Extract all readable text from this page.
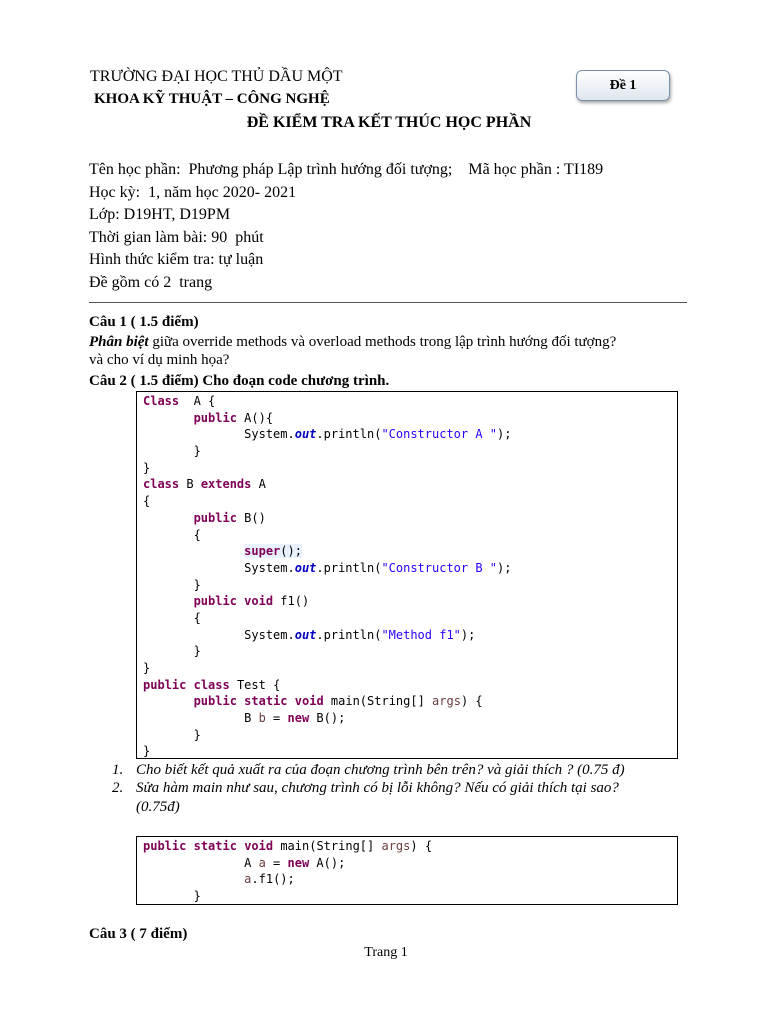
TRƯỜNG ĐẠI HỌC THỦ DẦU MỘT
KHOA KỸ THUẬT – CÔNG NGHỆ
ĐỀ KIỂM TRA KẾT THÚC HỌC PHẦN
Đề 1
Tên học phần:  Phương pháp Lập trình hướng đối tượng;    Mã học phần : TI189
Học kỳ:  1, năm học 2020- 2021
Lớp: D19HT, D19PM
Thời gian làm bài: 90  phút
Hình thức kiểm tra: tự luận
Đề gồm có 2  trang
Câu 1 ( 1.5 điểm)
Phân biệt giữa override methods và overload methods trong lập trình hướng đối tượng?
và cho ví dụ minh họa?
Câu 2 ( 1.5 điểm) Cho đoạn code chương trình.
Class  A {
public A(){
System.out.println("Constructor A ");
}
}
class B extends A
{
public B()
{
super();
System.out.println("Constructor B ");
}
public void f1()
{
System.out.println("Method f1");
}
}
public class Test {
public static void main(String[] args) {
B b = new B();
}
}
1. Cho biết kết quả xuất ra của đoạn chương trình bên trên? và giải thích ? (0.75 đ)
2. Sửa hàm main như sau, chương trình có bị lỗi không? Nếu có giải thích tại sao?
(0.75đ)
public static void main(String[] args) {
A a = new A();
a.f1();
}
Câu 3 ( 7 điểm)
Trang 1
